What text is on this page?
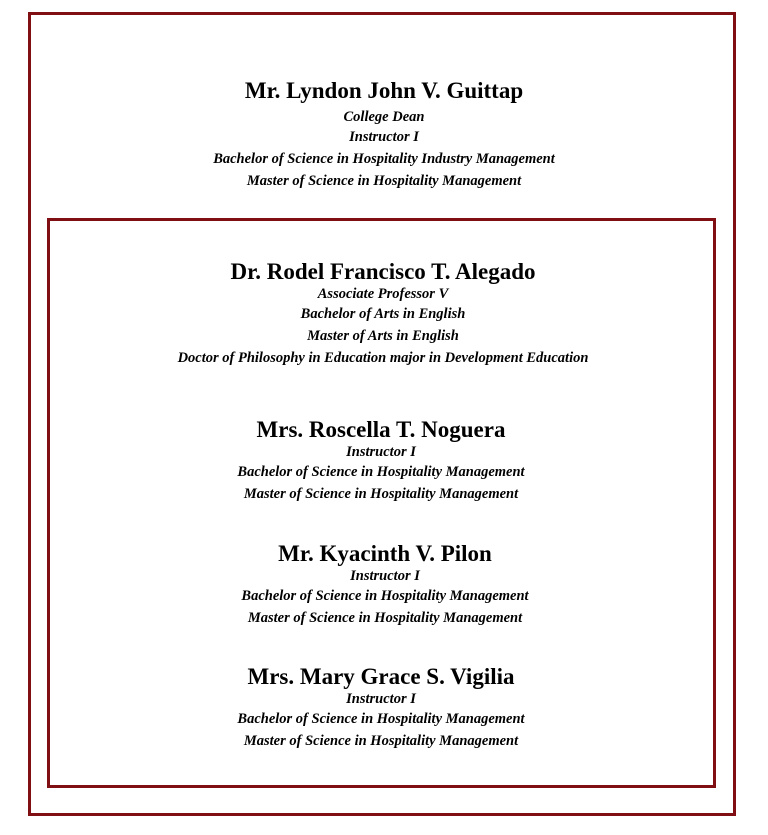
Mr. Lyndon John V. Guittap

College Dean

Instructor I

Bachelor of Science in Hospitality Industry Management

Master of Science in Hospitality Management

Dr. Rodel Francisco T. Alegado

Associate Professor V

Bachelor of Arts in English

Master of Arts in English

Doctor of Philosophy in Education major in Development Education

Mrs. Roscella T. Noguera

Instructor I

Bachelor of Science in Hospitality Management

Master of Science in Hospitality Management

Mr. Kyacinth V. Pilon

Instructor I

Bachelor of Science in Hospitality Management

Master of Science in Hospitality Management

Mrs. Mary Grace S. Vigilia

Instructor I

Bachelor of Science in Hospitality Management

Master of Science in Hospitality Management
